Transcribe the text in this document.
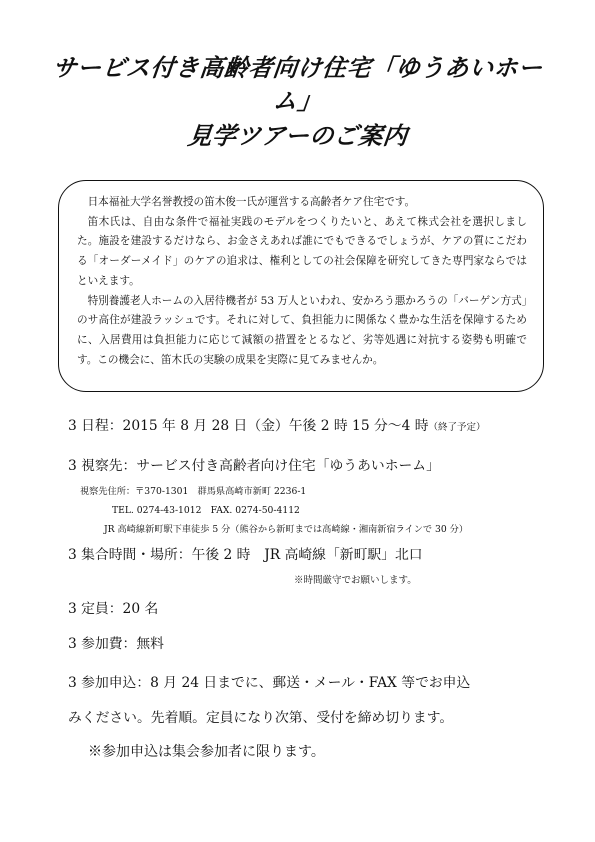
サービス付き高齢者向け住宅「ゆうあいホー
ム」
見学ツアーのご案内

日本福祉大学名誉教授の笛木俊一氏が運営する高齢者ケア住宅です。

笛木氏は、自由な条件で福祉実践のモデルをつくりたいと、あえて株式会社を選択しました。施設を建設するだけなら、お金さえあれば誰にでもできるでしょうが、ケアの質にこだわる「オーダーメイド」のケアの追求は、権利としての社会保障を研究してきた専門家ならではといえます。

特別養護老人ホームの入居待機者が 53 万人といわれ、安かろう悪かろうの「バーゲン方式」のサ高住が建設ラッシュです。それに対して、負担能力に関係なく豊かな生活を保障するために、入居費用は負担能力に応じて減額の措置をとるなど、劣等処遇に対抗する姿勢も明確です。この機会に、笛木氏の実験の成果を実際に見てみませんか。

3 日程：2015 年 8 月 28 日（金）午後 2 時 15 分～4 時（終了予定）
3 視察先：サービス付き高齢者向け住宅「ゆうあいホーム」
視察先住所：〒370-1301　群馬県高崎市新町 2236-1
TEL. 0274-43-1012　FAX. 0274-50-4112
JR 高崎線新町駅下車徒歩 5 分（熊谷から新町までは高崎線・湘南新宿ラインで 30 分）
3 集合時間・場所：午後 2 時　JR 高崎線「新町駅」北口
※時間厳守でお願いします。
3 定員：20 名
3 参加費：無料
3 参加申込：8 月 24 日までに、郵送・メール・FAX 等でお申込
みください。先着順。定員になり次第、受付を締め切ります。
※参加申込は集会参加者に限ります。
